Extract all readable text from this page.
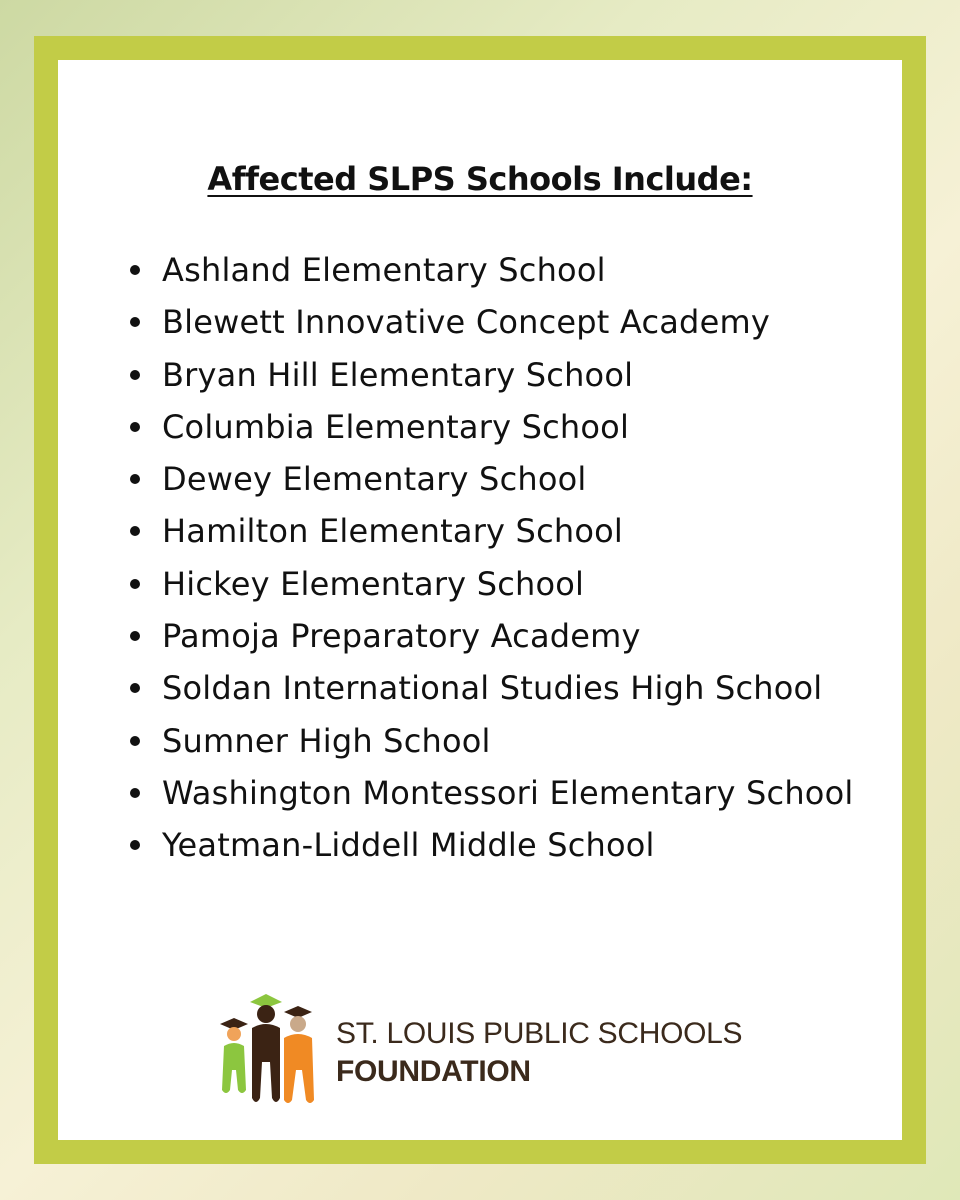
Affected SLPS Schools Include:
Ashland Elementary School
Blewett Innovative Concept Academy
Bryan Hill Elementary School
Columbia Elementary School
Dewey Elementary School
Hamilton Elementary School
Hickey Elementary School
Pamoja Preparatory Academy
Soldan International Studies High School
Sumner High School
Washington Montessori Elementary School
Yeatman-Liddell Middle School
ST. LOUIS PUBLIC SCHOOLS
FOUNDATION
